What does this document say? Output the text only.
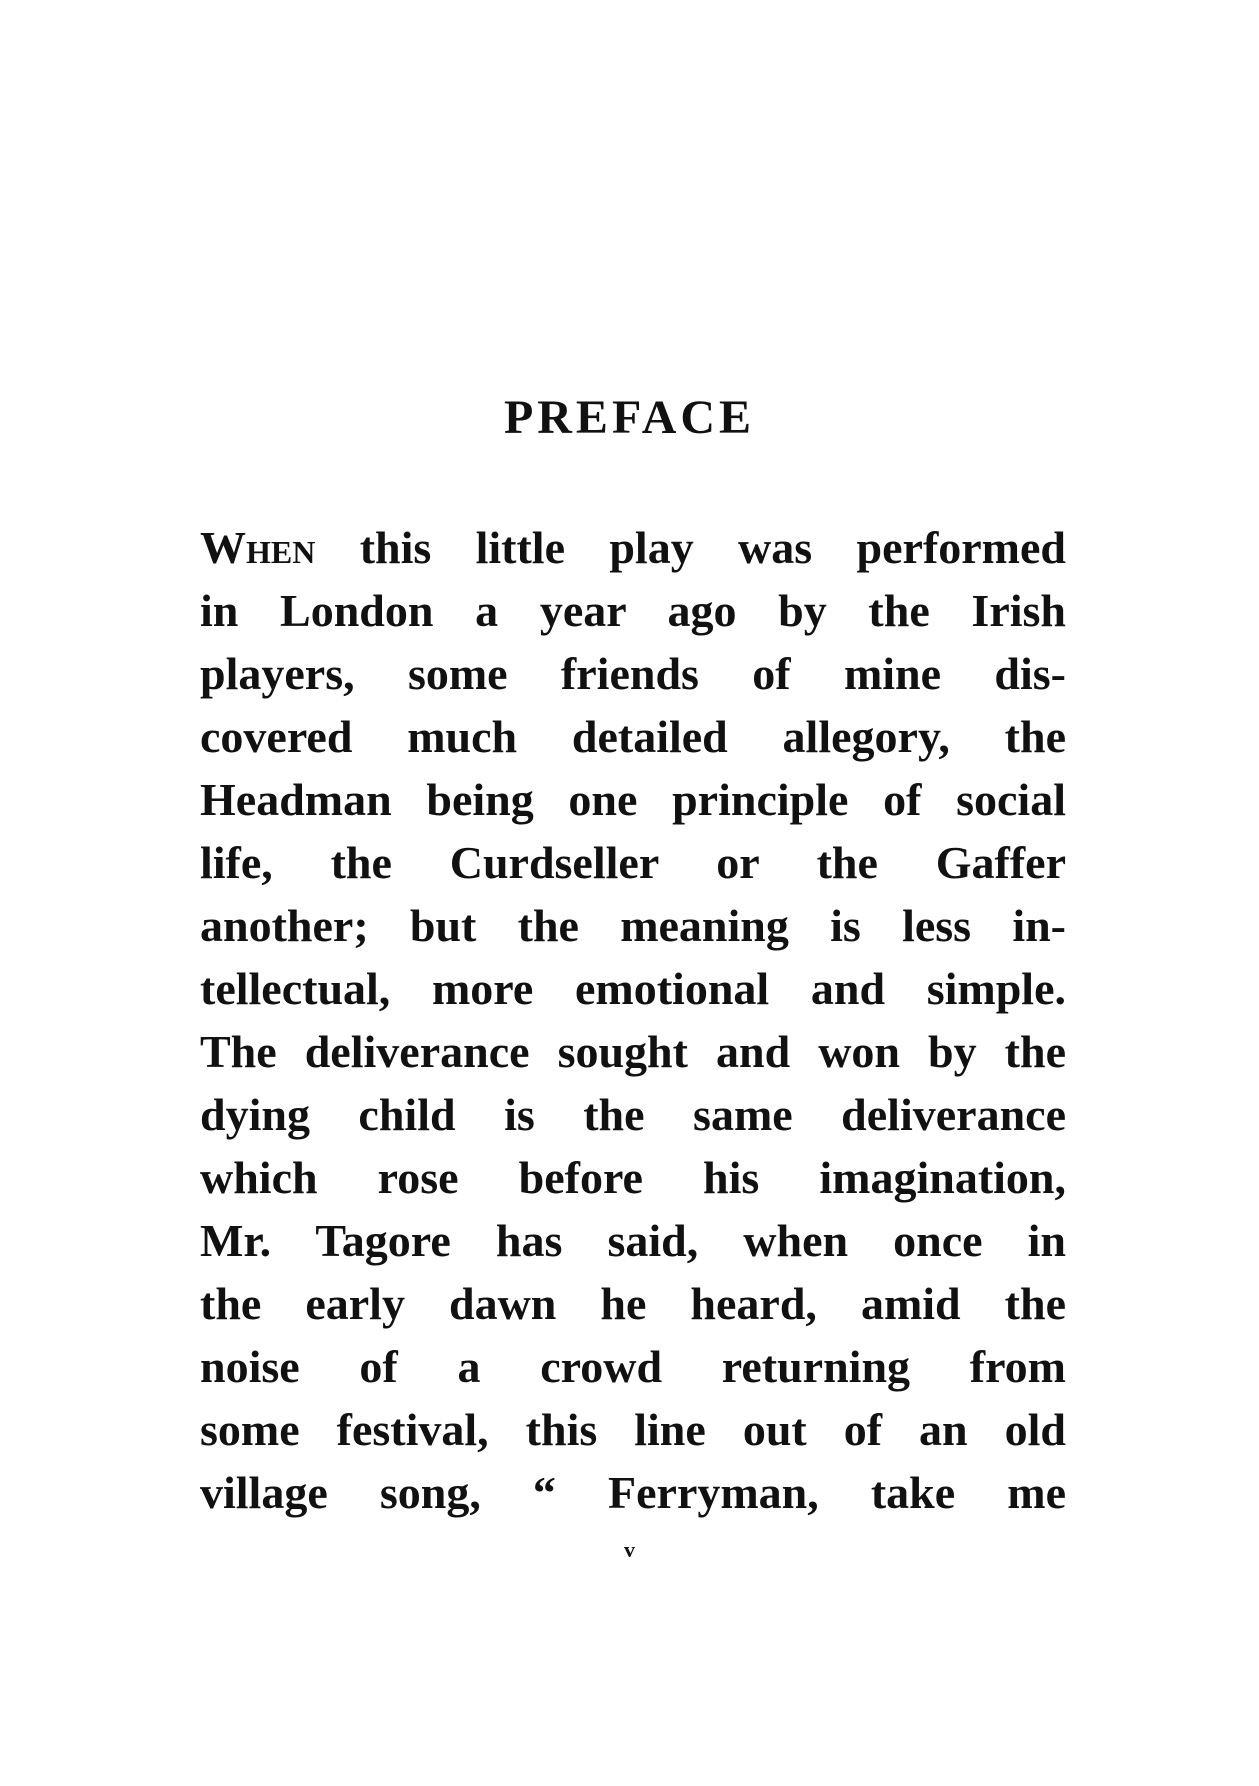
PREFACE
When this little play was performed
in London a year ago by the Irish
players, some friends of mine dis-
covered much detailed allegory, the
Headman being one principle of social
life, the Curdseller or the Gaffer
another; but the meaning is less in-
tellectual, more emotional and simple.
The deliverance sought and won by the
dying child is the same deliverance
which rose before his imagination,
Mr. Tagore has said, when once in
the early dawn he heard, amid the
noise of a crowd returning from
some festival, this line out of an old
village song, “ Ferryman, take me
v
